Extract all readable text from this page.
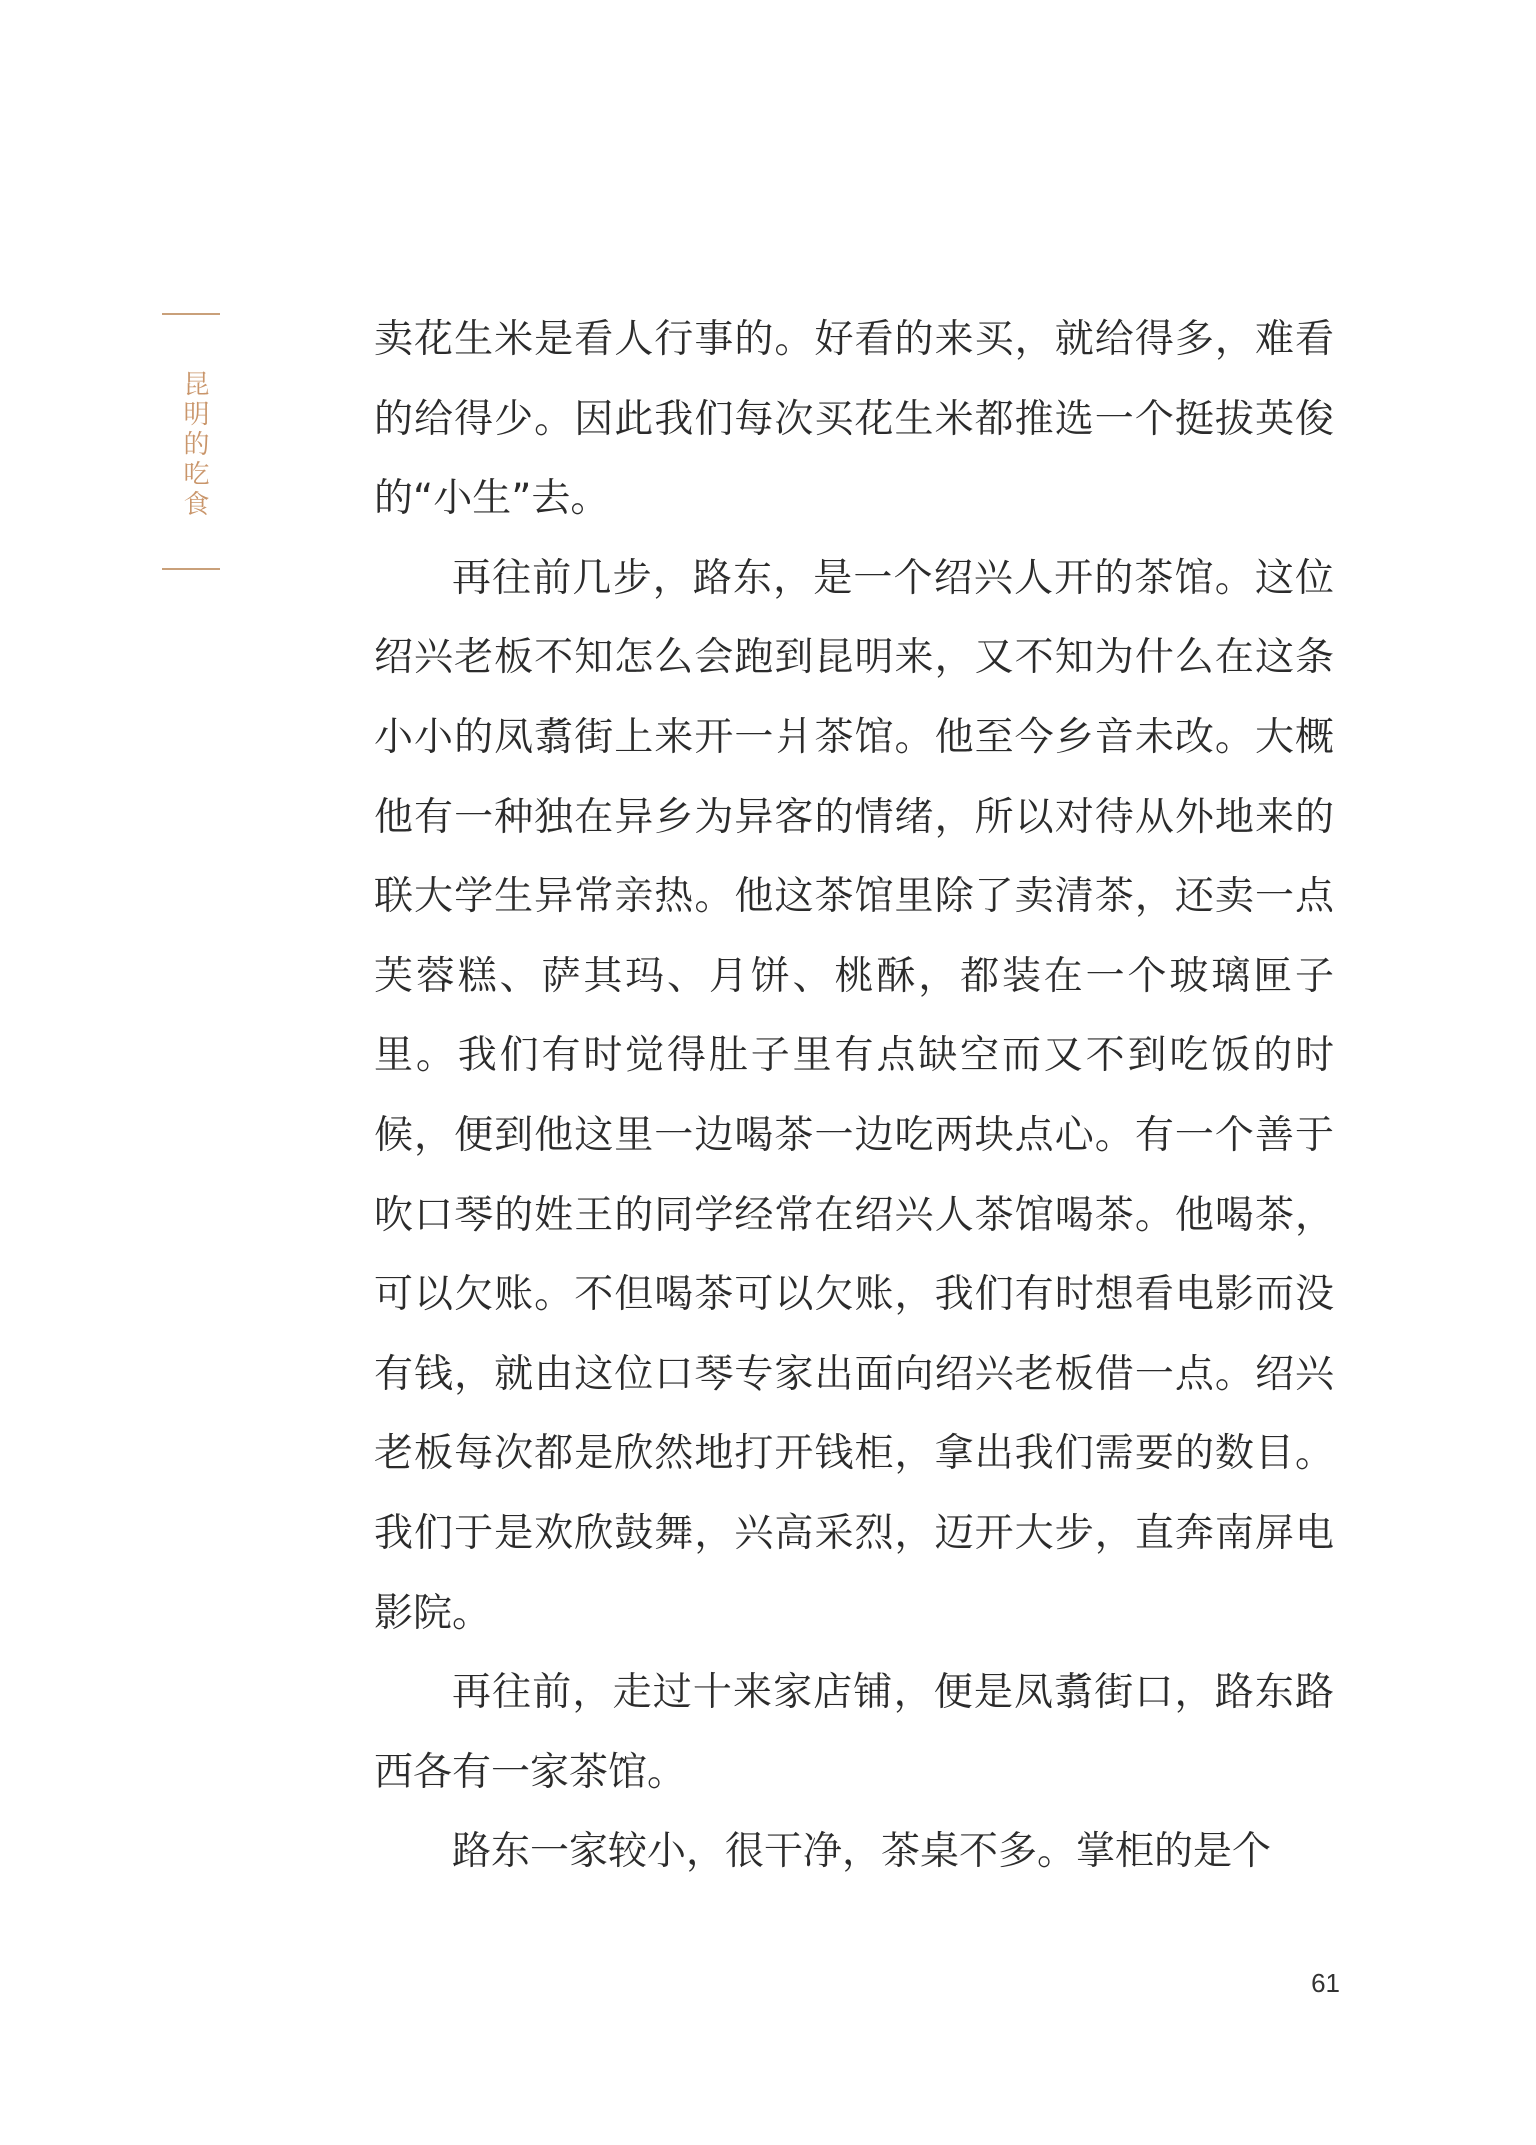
昆明的吃食

卖花生米是看人行事的。好看的来买，就给得多，难看的给得少。因此我们每次买花生米都推选一个挺拔英俊的“小生”去。

再往前几步，路东，是一个绍兴人开的茶馆。这位绍兴老板不知怎么会跑到昆明来，又不知为什么在这条小小的凤翥街上来开一爿茶馆。他至今乡音未改。大概他有一种独在异乡为异客的情绪，所以对待从外地来的联大学生异常亲热。他这茶馆里除了卖清茶，还卖一点芙蓉糕、萨其玛、月饼、桃酥，都装在一个玻璃匣子里。我们有时觉得肚子里有点缺空而又不到吃饭的时候，便到他这里一边喝茶一边吃两块点心。有一个善于吹口琴的姓王的同学经常在绍兴人茶馆喝茶。他喝茶，可以欠账。不但喝茶可以欠账，我们有时想看电影而没有钱，就由这位口琴专家出面向绍兴老板借一点。绍兴老板每次都是欣然地打开钱柜，拿出我们需要的数目。我们于是欢欣鼓舞，兴高采烈，迈开大步，直奔南屏电影院。

再往前，走过十来家店铺，便是凤翥街口，路东路西各有一家茶馆。

路东一家较小，很干净，茶桌不多。掌柜的是个

61
